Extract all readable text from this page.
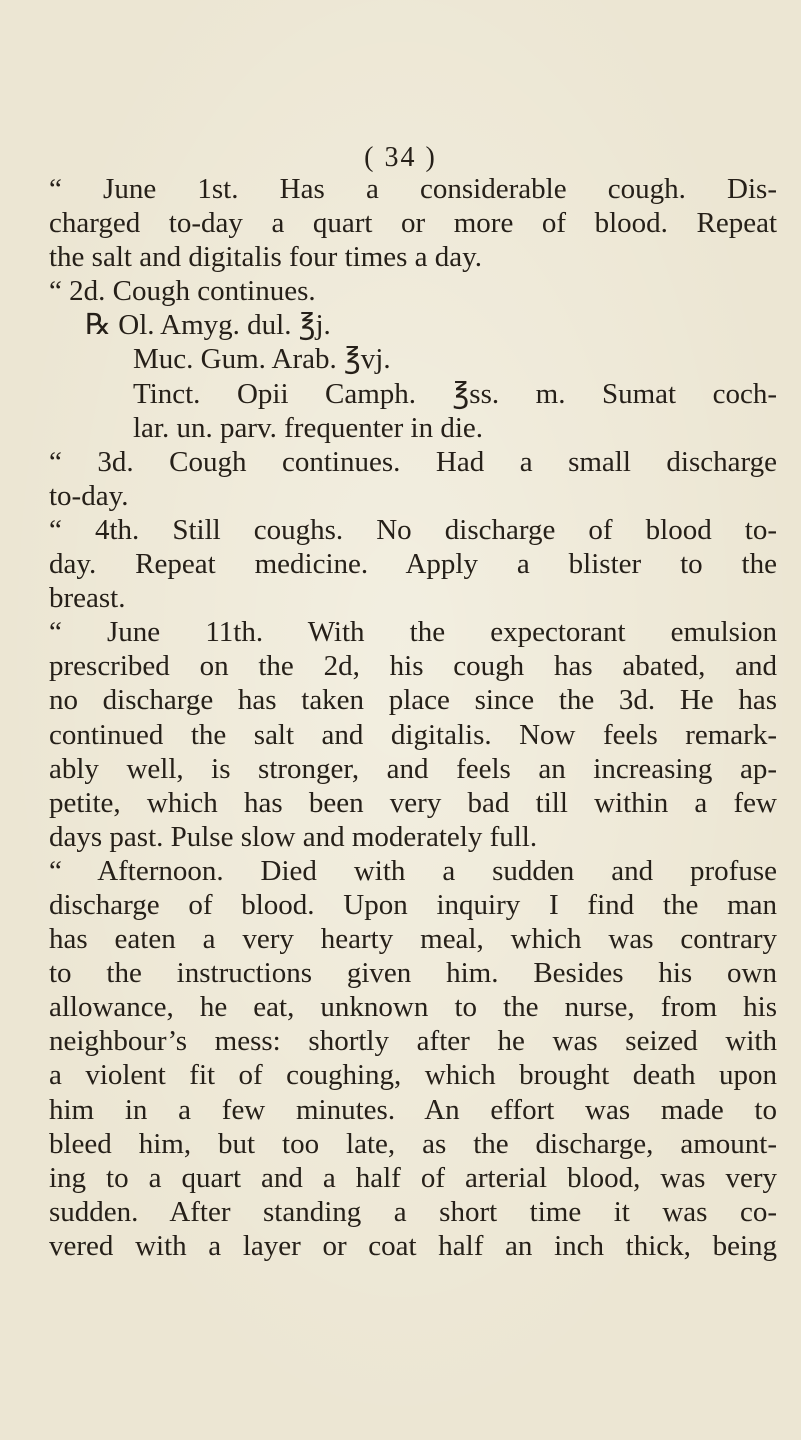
( 34 )
“ June 1st. Has a considerable cough. Dis-
charged to-day a quart or more of blood. Repeat
the salt and digitalis four times a day.
“ 2d. Cough continues.
℞ Ol. Amyg. dul. ℥j.
Muc. Gum. Arab. ℥vj.
Tinct. Opii Camph. ℥ss. m. Sumat coch-
lar. un. parv. frequenter in die.
“ 3d. Cough continues. Had a small discharge
to-day.
“ 4th. Still coughs. No discharge of blood to-
day. Repeat medicine. Apply a blister to the
breast.
“ June 11th. With the expectorant emulsion
prescribed on the 2d, his cough has abated, and
no discharge has taken place since the 3d. He has
continued the salt and digitalis. Now feels remark-
ably well, is stronger, and feels an increasing ap-
petite, which has been very bad till within a few
days past. Pulse slow and moderately full.
“ Afternoon. Died with a sudden and profuse
discharge of blood. Upon inquiry I find the man
has eaten a very hearty meal, which was contrary
to the instructions given him. Besides his own
allowance, he eat, unknown to the nurse, from his
neighbour’s mess: shortly after he was seized with
a violent fit of coughing, which brought death upon
him in a few minutes. An effort was made to
bleed him, but too late, as the discharge, amount-
ing to a quart and a half of arterial blood, was very
sudden. After standing a short time it was co-
vered with a layer or coat half an inch thick, being
